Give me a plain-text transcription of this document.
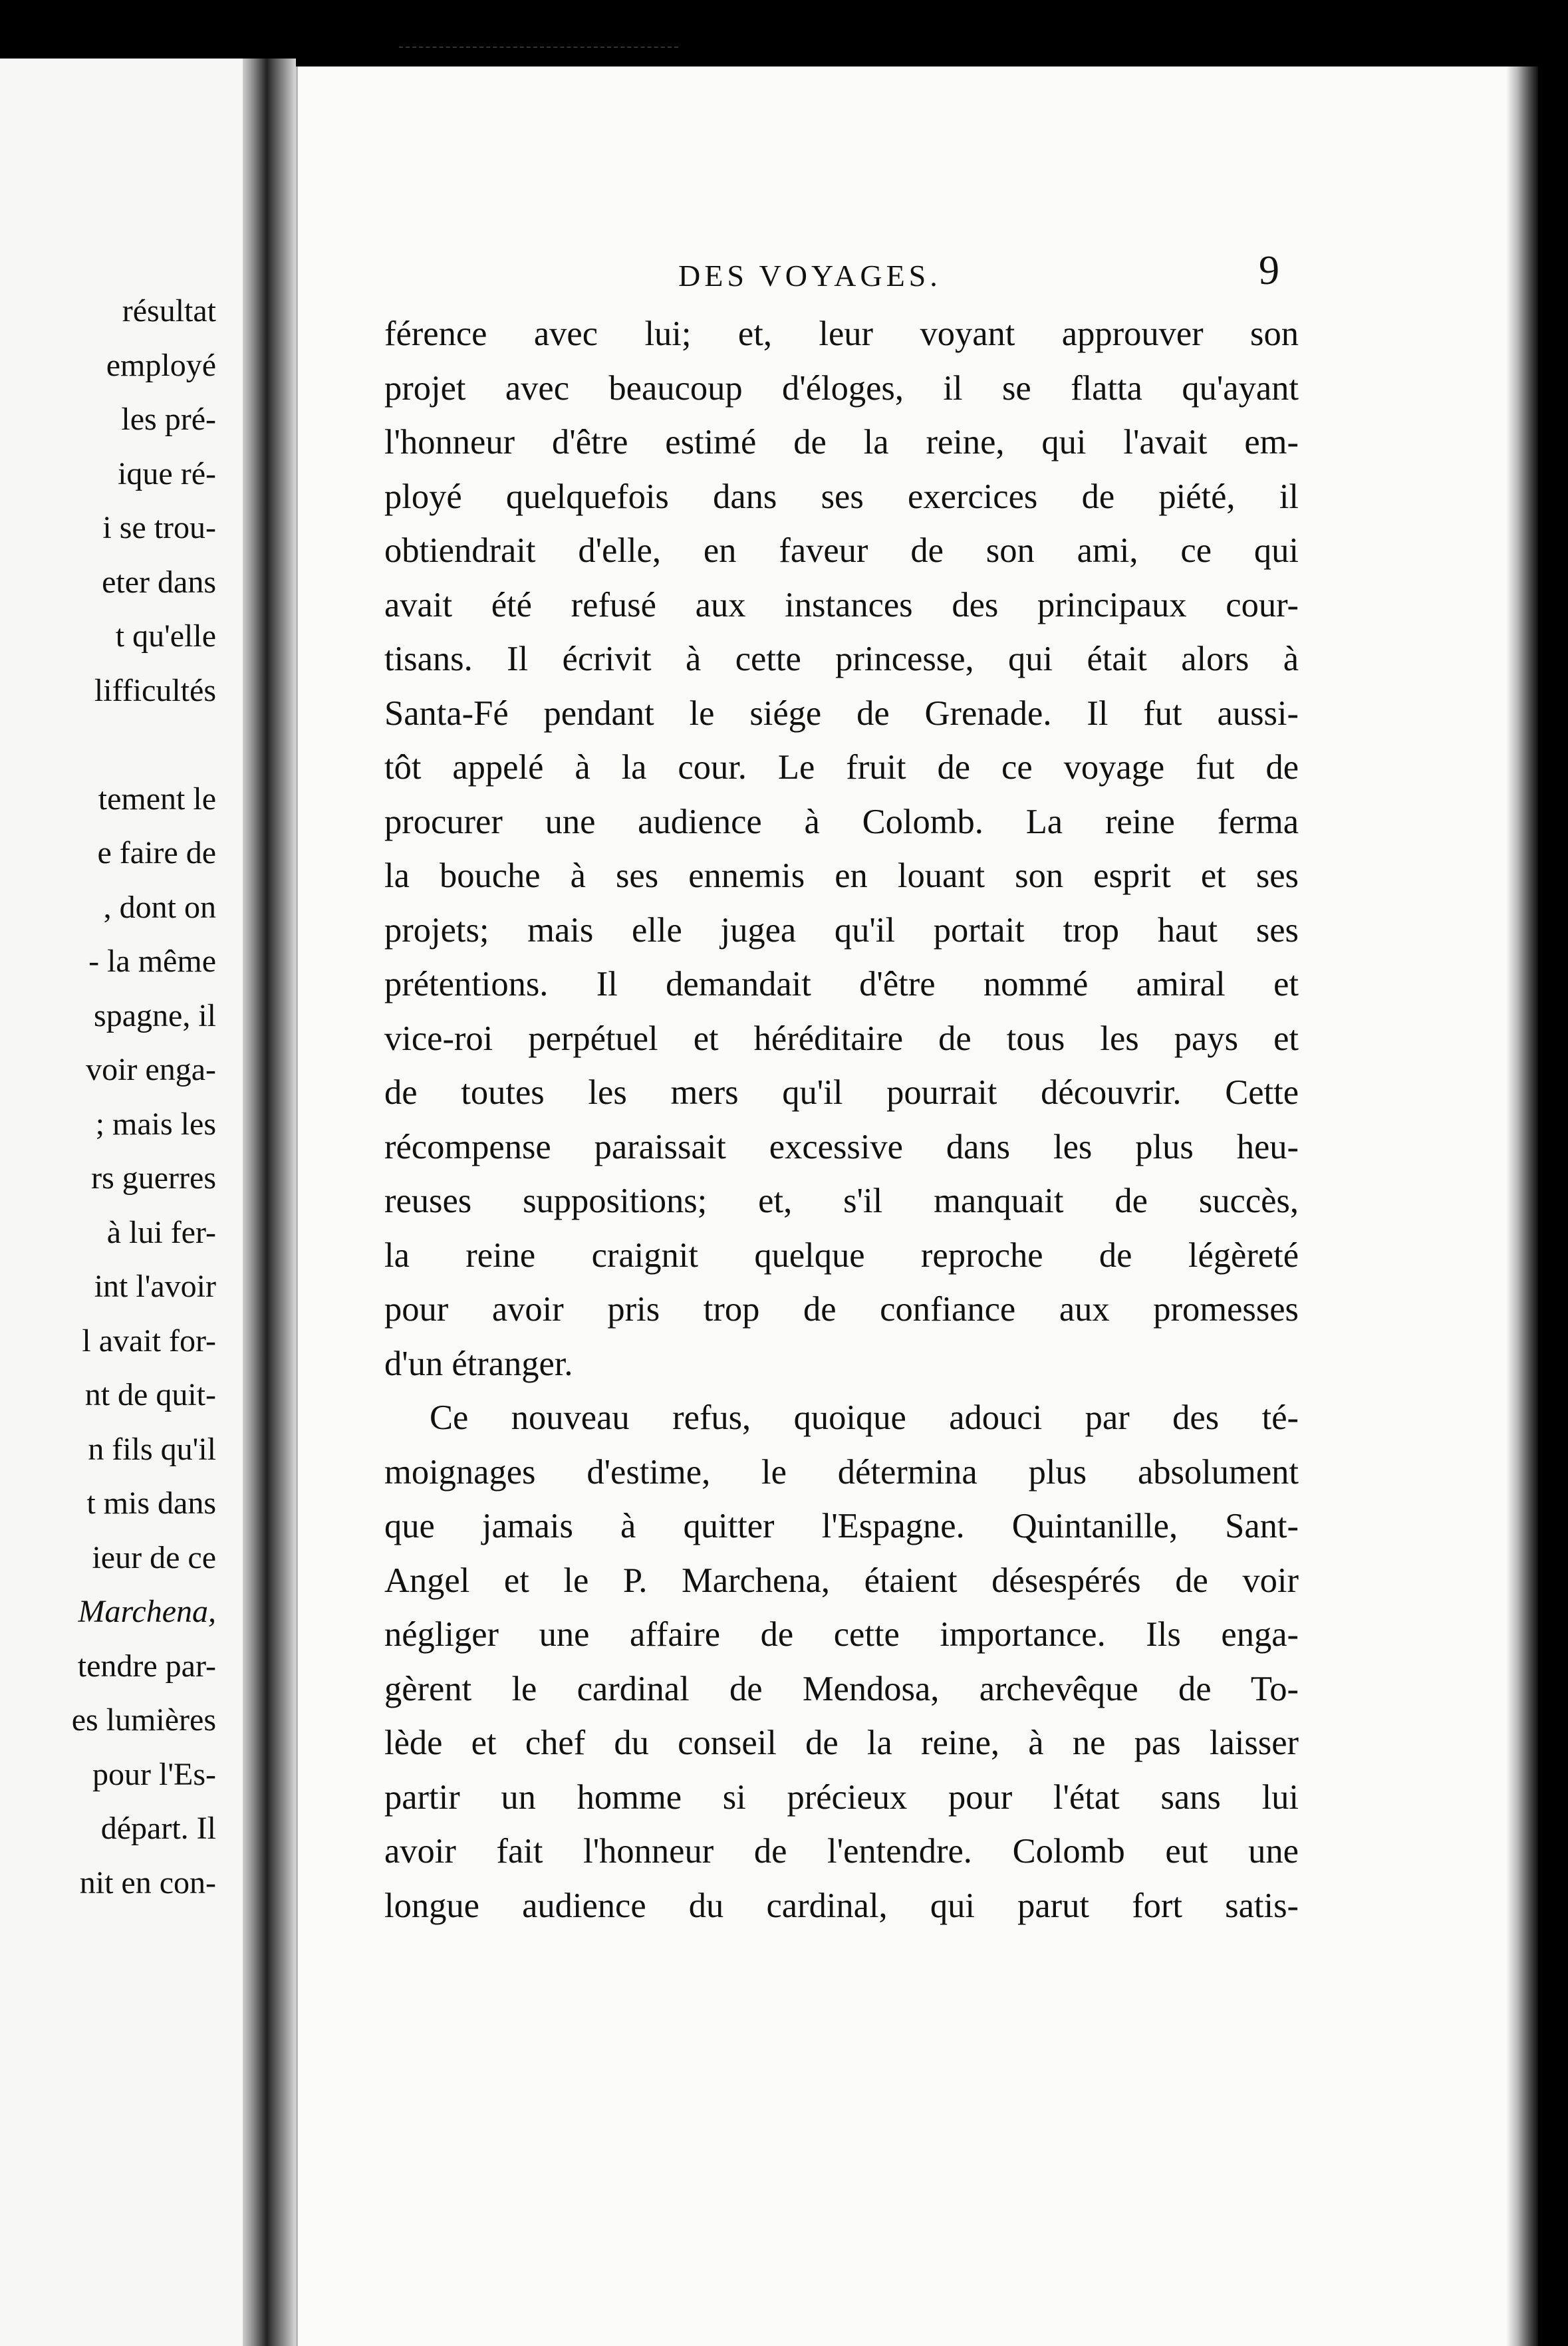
résultat
employé
les pré-
ique ré-
i se trou-
eter dans
t qu'elle
lifficultés
tement le
e faire de
, dont on
- la même
spagne, il
voir enga-
; mais les
rs guerres
à lui fer-
int l'avoir
l avait for-
nt de quit-
n fils qu'il
t mis dans
ieur de ce
Marchena,
tendre par-
es lumières
pour l'Es-
départ. Il
nit en con-
DES VOYAGES.	9
férence avec lui; et, leur voyant approuver son
projet avec beaucoup d'éloges, il se flatta qu'ayant
l'honneur d'être estimé de la reine, qui l'avait em-
ployé quelquefois dans ses exercices de piété, il
obtiendrait d'elle, en faveur de son ami, ce qui
avait été refusé aux instances des principaux cour-
tisans. Il écrivit à cette princesse, qui était alors à
Santa-Fé pendant le siége de Grenade. Il fut aussi-
tôt appelé à la cour. Le fruit de ce voyage fut de
procurer une audience à Colomb. La reine ferma
la bouche à ses ennemis en louant son esprit et ses
projets; mais elle jugea qu'il portait trop haut ses
prétentions. Il demandait d'être nommé amiral et
vice-roi perpétuel et héréditaire de tous les pays et
de toutes les mers qu'il pourrait découvrir. Cette
récompense paraissait excessive dans les plus heu-
reuses suppositions; et, s'il manquait de succès,
la reine craignit quelque reproche de légèreté
pour avoir pris trop de confiance aux promesses
d'un étranger.
Ce nouveau refus, quoique adouci par des té-
moignages d'estime, le détermina plus absolument
que jamais à quitter l'Espagne. Quintanille, Sant-
Angel et le P. Marchena, étaient désespérés de voir
négliger une affaire de cette importance. Ils enga-
gèrent le cardinal de Mendosa, archevêque de To-
lède et chef du conseil de la reine, à ne pas laisser
partir un homme si précieux pour l'état sans lui
avoir fait l'honneur de l'entendre. Colomb eut une
longue audience du cardinal, qui parut fort satis-
